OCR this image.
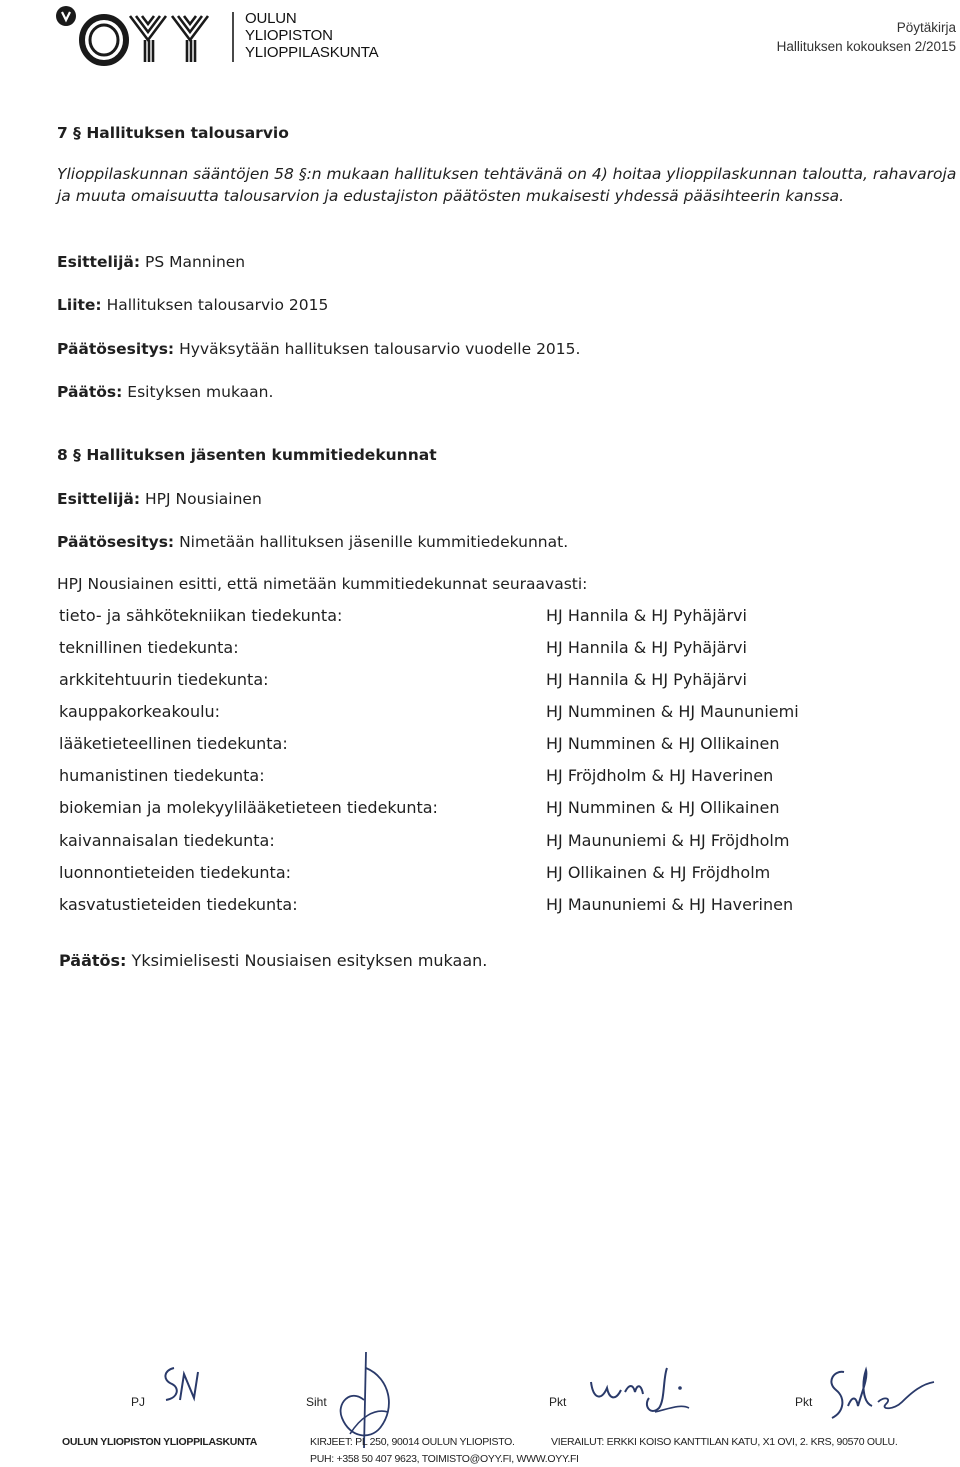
OULUN
YLIOPISTON
YLIOPPILASKUNTA
Pöytäkirja
Hallituksen kokouksen 2/2015
7 § Hallituksen talousarvio
Ylioppilaskunnan sääntöjen 58 §:n mukaan hallituksen tehtävänä on 4) hoitaa ylioppilaskunnan taloutta, rahavaroja ja muuta omaisuutta talousarvion ja edustajiston päätösten mukaisesti yhdessä pääsihteerin kanssa.
Esittelijä: PS Manninen
Liite: Hallituksen talousarvio 2015
Päätösesitys: Hyväksytään hallituksen talousarvio vuodelle 2015.
Päätös: Esityksen mukaan.
8 § Hallituksen jäsenten kummitiedekunnat
Esittelijä: HPJ Nousiainen
Päätösesitys: Nimetään hallituksen jäsenille kummitiedekunnat.
HPJ Nousiainen esitti, että nimetään kummitiedekunnat seuraavasti:
tieto- ja sähkötekniikan tiedekunta:	HJ Hannila & HJ Pyhäjärvi
teknillinen tiedekunta:	HJ Hannila & HJ Pyhäjärvi
arkkitehtuurin tiedekunta:	HJ Hannila & HJ Pyhäjärvi
kauppakorkeakoulu:	HJ Numminen & HJ Maununiemi
lääketieteellinen tiedekunta:	HJ Numminen & HJ Ollikainen
humanistinen tiedekunta:	HJ Fröjdholm & HJ Haverinen
biokemian ja molekyylilääketieteen tiedekunta:	HJ Numminen & HJ Ollikainen
kaivannaisalan tiedekunta:	HJ Maununiemi & HJ Fröjdholm
luonnontieteiden tiedekunta:	HJ Ollikainen & HJ Fröjdholm
kasvatustieteiden tiedekunta:	HJ Maununiemi & HJ Haverinen
Päätös: Yksimielisesti Nousiaisen esityksen mukaan.
PJ	Siht	Pkt	Pkt
OULUN YLIOPISTON YLIOPPILASKUNTA	KIRJEET: PL 250, 90014 OULUN YLIOPISTO.	VIERAILUT: ERKKI KOISO KANTTILAN KATU, X1 OVI, 2. KRS, 90570 OULU.
PUH: +358 50 407 9623, TOIMISTO@OYY.FI, WWW.OYY.FI
